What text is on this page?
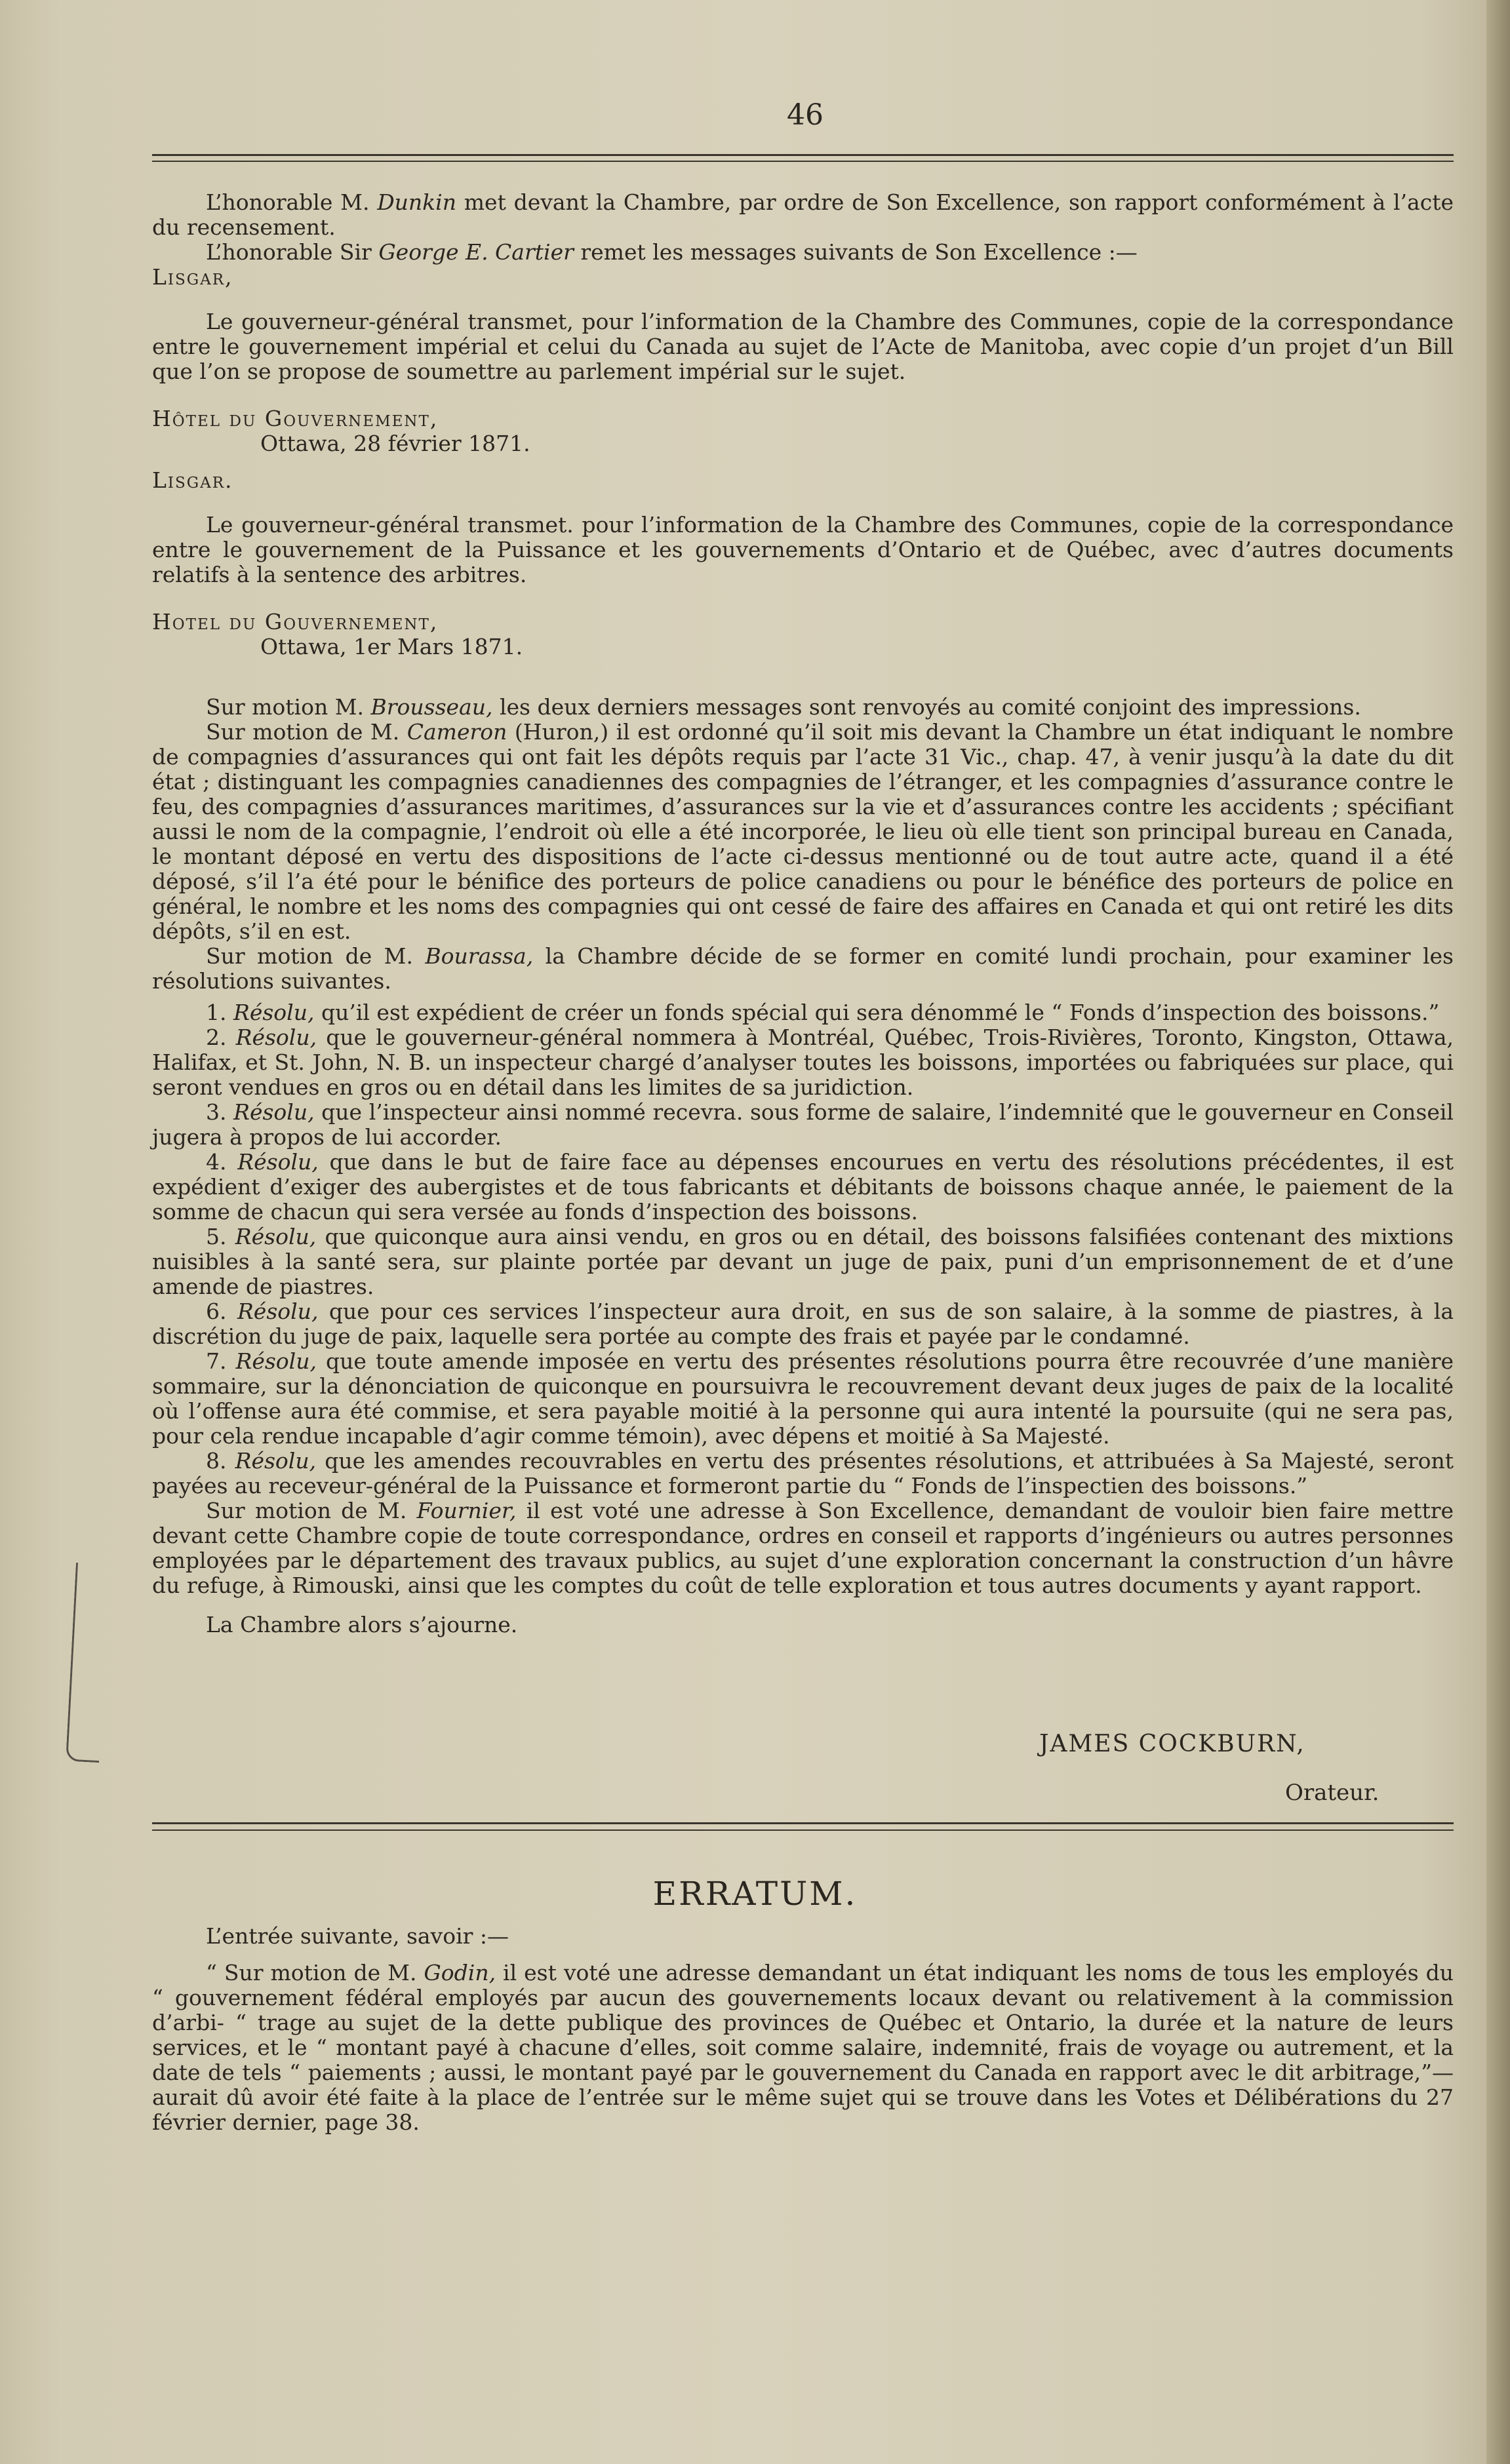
46

L’honorable M. Dunkin met devant la Chambre, par ordre de Son Excellence, son rapport conformément à l’acte du recensement.

L’honorable Sir George E. Cartier remet les messages suivants de Son Excellence :—

Lisgar,

Le gouverneur-général transmet, pour l’information de la Chambre des Communes, copie de la correspondance entre le gouvernement impérial et celui du Canada au sujet de l’Acte de Manitoba, avec copie d’un projet d’un Bill que l’on se propose de soumettre au parlement impérial sur le sujet.

Hôtel du Gouvernement,

Ottawa, 28 février 1871.

Lisgar.

Le gouverneur-général transmet. pour l’information de la Chambre des Communes, copie de la correspondance entre le gouvernement de la Puissance et les gouvernements d’Ontario et de Québec, avec d’autres documents relatifs à la sentence des arbitres.

Hotel du Gouvernement,

Ottawa, 1er Mars 1871.

Sur motion M. Brousseau, les deux derniers messages sont renvoyés au comité conjoint des impressions.

Sur motion de M. Cameron (Huron,) il est ordonné qu’il soit mis devant la Chambre un état indiquant le nombre de compagnies d’assurances qui ont fait les dépôts requis par l’acte 31 Vic., chap. 47, à venir jusqu’à la date du dit état ; distinguant les compagnies canadiennes des compagnies de l’étranger, et les compagnies d’assurance contre le feu, des compagnies d’assurances maritimes, d’assurances sur la vie et d’assurances contre les accidents ; spécifiant aussi le nom de la compagnie, l’endroit où elle a été incorporée, le lieu où elle tient son principal bureau en Canada, le montant déposé en vertu des dispositions de l’acte ci-dessus mentionné ou de tout autre acte, quand il a été déposé, s’il l’a été pour le bénifice des porteurs de police canadiens ou pour le bénéfice des porteurs de police en général, le nombre et les noms des compagnies qui ont cessé de faire des affaires en Canada et qui ont retiré les dits dépôts, s’il en est.

Sur motion de M. Bourassa, la Chambre décide de se former en comité lundi prochain, pour examiner les résolutions suivantes.

1. Résolu, qu’il est expédient de créer un fonds spécial qui sera dénommé le “ Fonds d’inspection des boissons.”

2. Résolu, que le gouverneur-général nommera à Montréal, Québec, Trois-Rivières, Toronto, Kingston, Ottawa, Halifax, et St. John, N. B. un inspecteur chargé d’analyser toutes les boissons, importées ou fabriquées sur place, qui seront vendues en gros ou en détail dans les limites de sa juridiction.

3. Résolu, que l’inspecteur ainsi nommé recevra. sous forme de salaire, l’indemnité que le gouverneur en Conseil jugera à propos de lui accorder.

4. Résolu, que dans le but de faire face au dépenses encourues en vertu des résolutions précédentes, il est expédient d’exiger des aubergistes et de tous fabricants et débitants de boissons chaque année, le paiement de la somme de chacun qui sera versée au fonds d’inspection des boissons.

5. Résolu, que quiconque aura ainsi vendu, en gros ou en détail, des boissons falsifiées contenant des mixtions nuisibles à la santé sera, sur plainte portée par devant un juge de paix, puni d’un emprisonnement de et d’une amende de piastres.

6. Résolu, que pour ces services l’inspecteur aura droit, en sus de son salaire, à la somme de piastres, à la discrétion du juge de paix, laquelle sera portée au compte des frais et payée par le condamné.

7. Résolu, que toute amende imposée en vertu des présentes résolutions pourra être recouvrée d’une manière sommaire, sur la dénonciation de quiconque en poursuivra le recouvrement devant deux juges de paix de la localité où l’offense aura été commise, et sera payable moitié à la personne qui aura intenté la poursuite (qui ne sera pas, pour cela rendue incapable d’agir comme témoin), avec dépens et moitié à Sa Majesté.

8. Résolu, que les amendes recouvrables en vertu des présentes résolutions, et attribuées à Sa Majesté, seront payées au receveur-général de la Puissance et formeront partie du “ Fonds de l’inspectien des boissons.”

Sur motion de M. Fournier, il est voté une adresse à Son Excellence, demandant de vouloir bien faire mettre devant cette Chambre copie de toute correspondance, ordres en conseil et rapports d’ingénieurs ou autres personnes employées par le département des travaux publics, au sujet d’une exploration concernant la construction d’un hâvre du refuge, à Rimouski, ainsi que les comptes du coût de telle exploration et tous autres documents y ayant rapport.

La Chambre alors s’ajourne.

JAMES COCKBURN,
Orateur.
ERRATUM.

L’entrée suivante, savoir :—

“ Sur motion de M. Godin, il est voté une adresse demandant un état indiquant les noms de tous les employés du “ gouvernement fédéral employés par aucun des gouvernements locaux devant ou relativement à la commission d’arbi- “ trage au sujet de la dette publique des provinces de Québec et Ontario, la durée et la nature de leurs services, et le “ montant payé à chacune d’elles, soit comme salaire, indemnité, frais de voyage ou autrement, et la date de tels “ paiements ; aussi, le montant payé par le gouvernement du Canada en rapport avec le dit arbitrage,”—aurait dû avoir été faite à la place de l’entrée sur le même sujet qui se trouve dans les Votes et Délibérations du 27 février dernier, page 38.
